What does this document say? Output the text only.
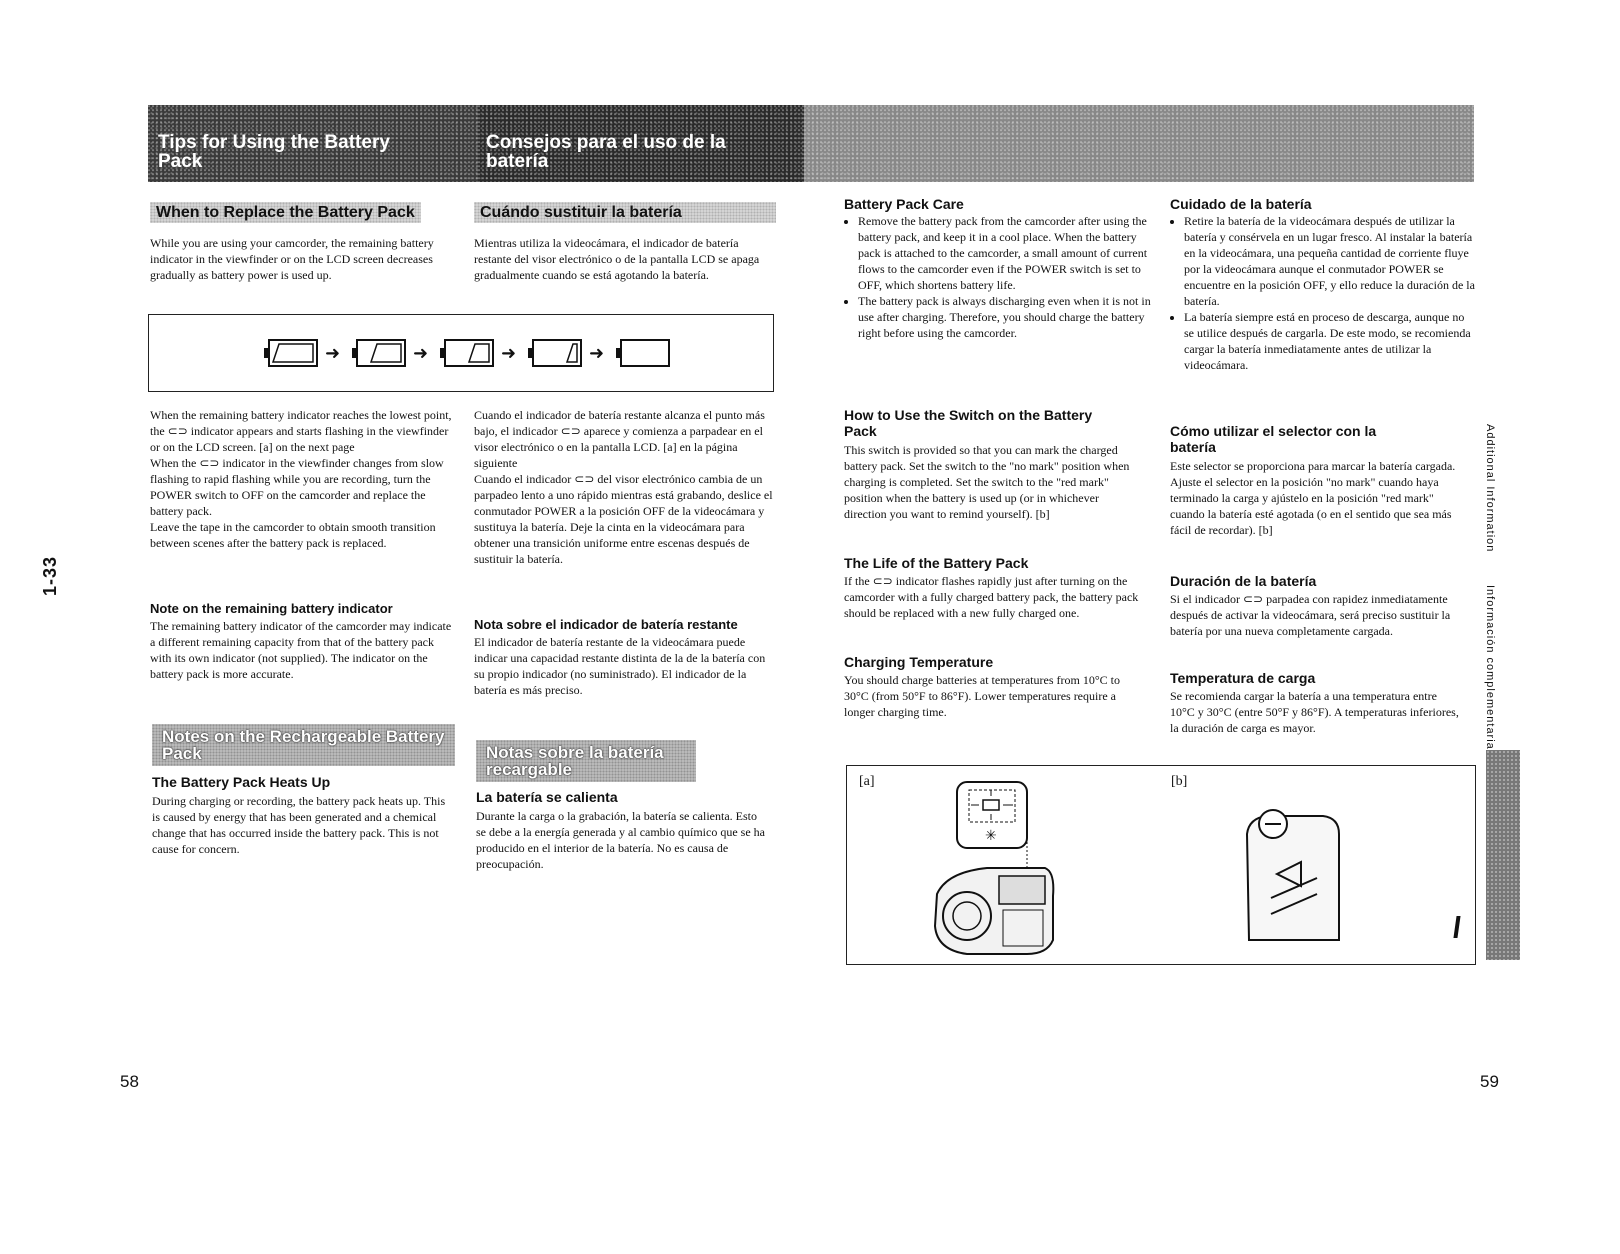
Tips for Using the Battery Pack
Consejos para el uso de la batería
When to Replace the Battery Pack	Cuándo sustituir la batería
While you are using your camcorder, the remaining battery indicator in the viewfinder or on the LCD screen decreases gradually as battery power is used up.
Mientras utiliza la videocámara, el indicador de batería restante del visor electrónico o de la pantalla LCD se apaga gradualmente cuando se está agotando la batería.
➜	➜	➜	➜
When the remaining battery indicator reaches the lowest point, the ⊂⊃ indicator appears and starts flashing in the viewfinder or on the LCD screen. [a] on the next page
When the ⊂⊃ indicator in the viewfinder changes from slow flashing to rapid flashing while you are recording, turn the POWER switch to OFF on the camcorder and replace the battery pack.
Leave the tape in the camcorder to obtain smooth transition between scenes after the battery pack is replaced.
Cuando el indicador de batería restante alcanza el punto más bajo, el indicador ⊂⊃ aparece y comienza a parpadear en el visor electrónico o en la pantalla LCD. [a] en la página siguiente
Cuando el indicador ⊂⊃ del visor electrónico cambia de un parpadeo lento a uno rápido mientras está grabando, deslice el conmutador POWER a la posición OFF de la videocámara y sustituya la batería. Deje la cinta en la videocámara para obtener una transición uniforme entre escenas después de sustituir la batería.
Note on the remaining battery indicator
The remaining battery indicator of the camcorder may indicate a different remaining capacity from that of the battery pack with its own indicator (not supplied). The indicator on the battery pack is more accurate.
Nota sobre el indicador de batería restante
El indicador de batería restante de la videocámara puede indicar una capacidad restante distinta de la de la batería con su propio indicador (no suministrado). El indicador de la batería es más preciso.
Notes on the Rechargeable Battery Pack	Notas sobre la batería recargable
The Battery Pack Heats Up
During charging or recording, the battery pack heats up. This is caused by energy that has been generated and a chemical change that has occurred inside the battery pack. This is not cause for concern.
La batería se calienta
Durante la carga o la grabación, la batería se calienta. Esto se debe a la energía generada y al cambio químico que se ha producido en el interior de la batería. No es causa de preocupación.
Battery Pack Care
• Remove the battery pack from the camcorder after using the battery pack, and keep it in a cool place. When the battery pack is attached to the camcorder, a small amount of current flows to the camcorder even if the POWER switch is set to OFF, which shortens battery life.
• The battery pack is always discharging even when it is not in use after charging. Therefore, you should charge the battery right before using the camcorder.
Cuidado de la batería
• Retire la batería de la videocámara después de utilizar la batería y consérvela en un lugar fresco. Al instalar la batería en la videocámara, una pequeña cantidad de corriente fluye por la videocámara aunque el conmutador POWER se encuentre en la posición OFF, y ello reduce la duración de la batería.
• La batería siempre está en proceso de descarga, aunque no se utilice después de cargarla. De este modo, se recomienda cargar la batería inmediatamente antes de utilizar la videocámara.
How to Use the Switch on the Battery Pack
This switch is provided so that you can mark the charged battery pack. Set the switch to the "no mark" position when charging is completed. Set the switch to the "red mark" position when the battery is used up (or in whichever direction you want to remind yourself). [b]
Cómo utilizar el selector con la batería
Este selector se proporciona para marcar la batería cargada. Ajuste el selector en la posición "no mark" cuando haya terminado la carga y ajústelo en la posición "red mark" cuando la batería esté agotada (o en el sentido que sea más fácil de recordar). [b]
The Life of the Battery Pack
If the ⊂⊃ indicator flashes rapidly just after turning on the camcorder with a fully charged battery pack, the battery pack should be replaced with a new fully charged one.
Duración de la batería
Si el indicador ⊂⊃ parpadea con rapidez inmediatamente después de activar la videocámara, será preciso sustituir la batería por una nueva completamente cargada.
Charging Temperature
You should charge batteries at temperatures from 10°C to 30°C (from 50°F to 86°F). Lower temperatures require a longer charging time.
Temperatura de carga
Se recomienda cargar la batería a una temperatura entre 10°C y 30°C (entre 50°F y 86°F). A temperaturas inferiores, la duración de carga es mayor.
[a]	[b]
✳
Additional Information
Información complementaria
1-33
58	59
